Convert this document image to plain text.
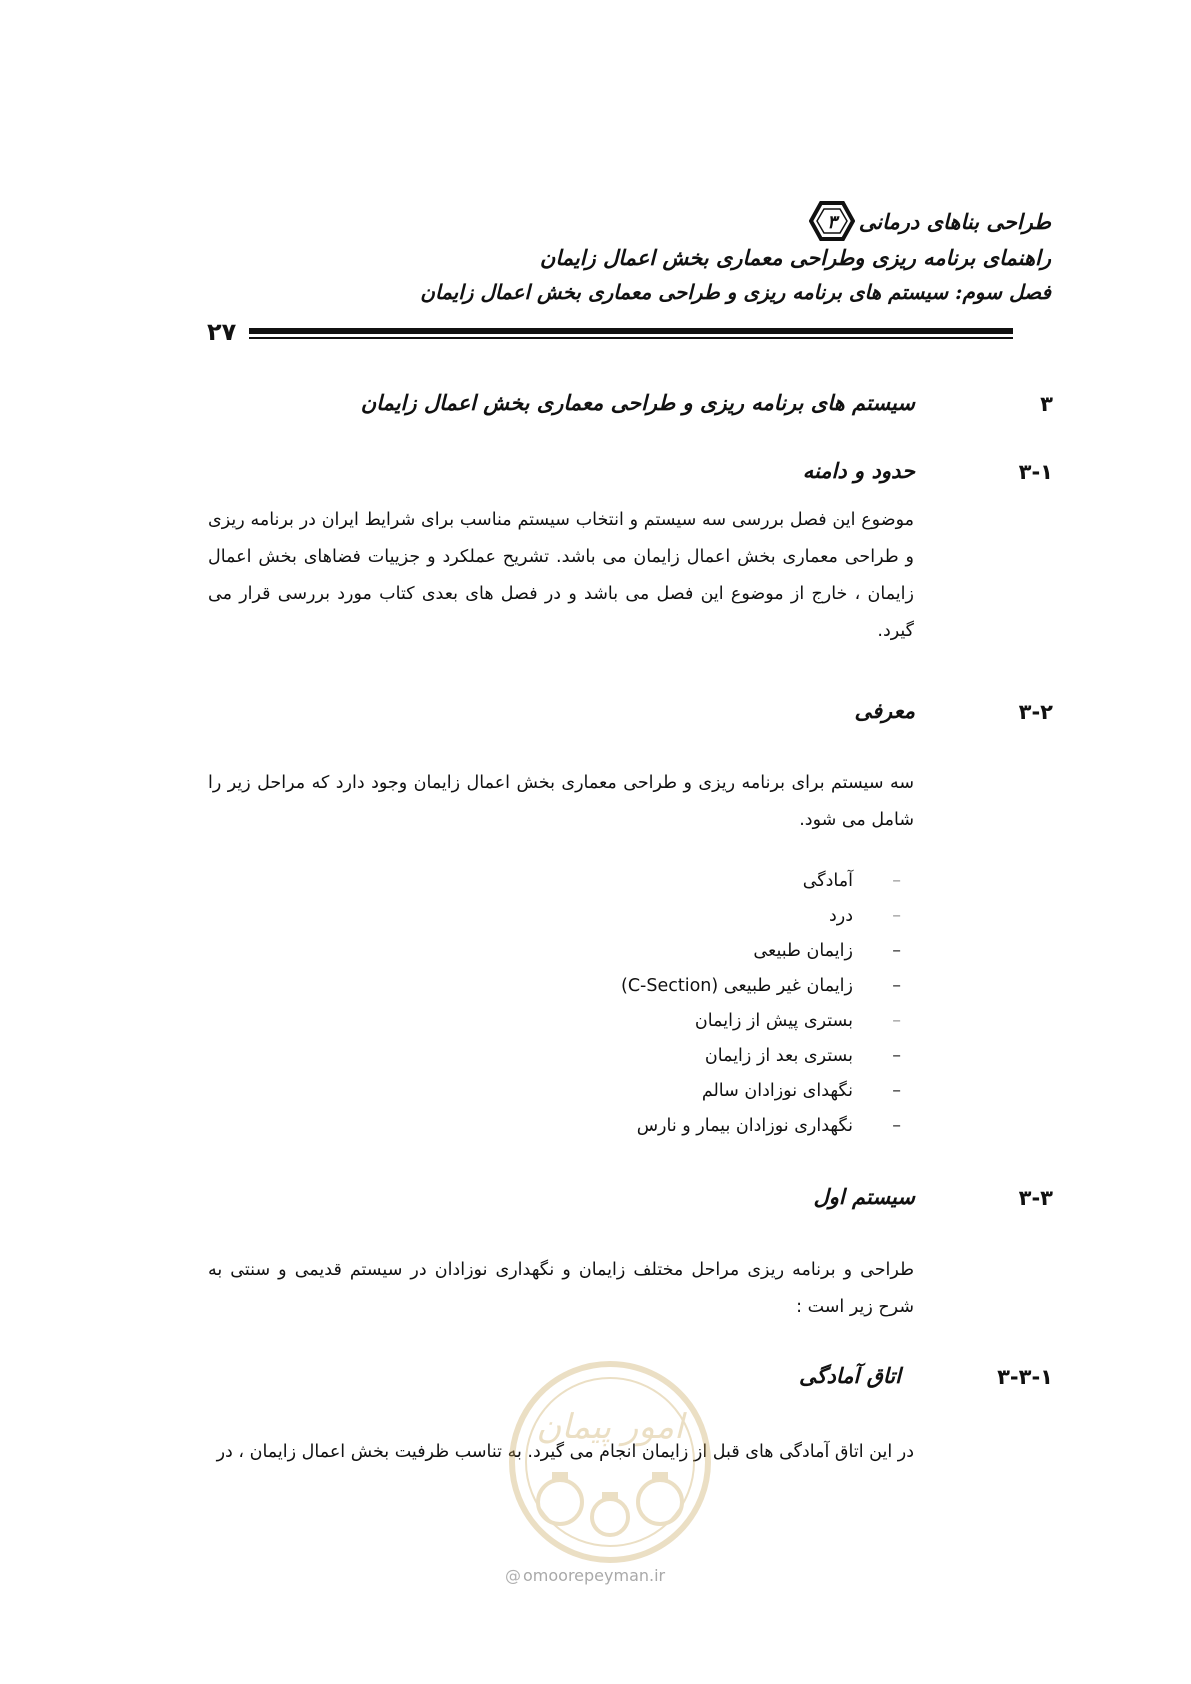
طراحی بناهای درمانی
۳
راهنمای برنامه ریزی وطراحی معماری بخش اعمال زایمان
فصل سوم: سیستم های برنامه ریزی و طراحی معماری بخش اعمال زایمان
۲۷
۳
سیستم های برنامه ریزی و طراحی معماری بخش اعمال زایمان
۳-۱
حدود و دامنه

موضوع این فصل بررسی سه سیستم و انتخاب سیستم مناسب برای شرایط ایران در برنامه ریزی و طراحی معماری بخش اعمال زایمان می باشد. تشریح عملکرد و جزییات فضاهای بخش اعمال زایمان ، خارج از موضوع این فصل می باشد و در فصل های بعدی کتاب مورد بررسی قرار می گیرد.

۳-۲
معرفی

سه سیستم برای برنامه ریزی و طراحی معماری بخش اعمال زایمان وجود دارد که مراحل زیر را شامل می شود.

–
آمادگی
–
درد
–
زایمان طبیعی
–
زایمان غیر طبیعی (C-Section)
–
بستری پیش از زایمان
–
بستری بعد از زایمان
–
نگهدای نوزادان سالم
–
نگهداری نوزادان بیمار و نارس
۳-۳
سیستم اول

طراحی و برنامه ریزی مراحل مختلف زایمان و نگهداری نوزادان در سیستم قدیمی و سنتی به شرح زیر است :

۳-۳-۱
اتاق آمادگی

در این اتاق آمادگی های قبل از زایمان انجام می گیرد. به تناسب ظرفیت بخش اعمال زایمان ، در

امور پیمان
@ omoorepeyman.ir
